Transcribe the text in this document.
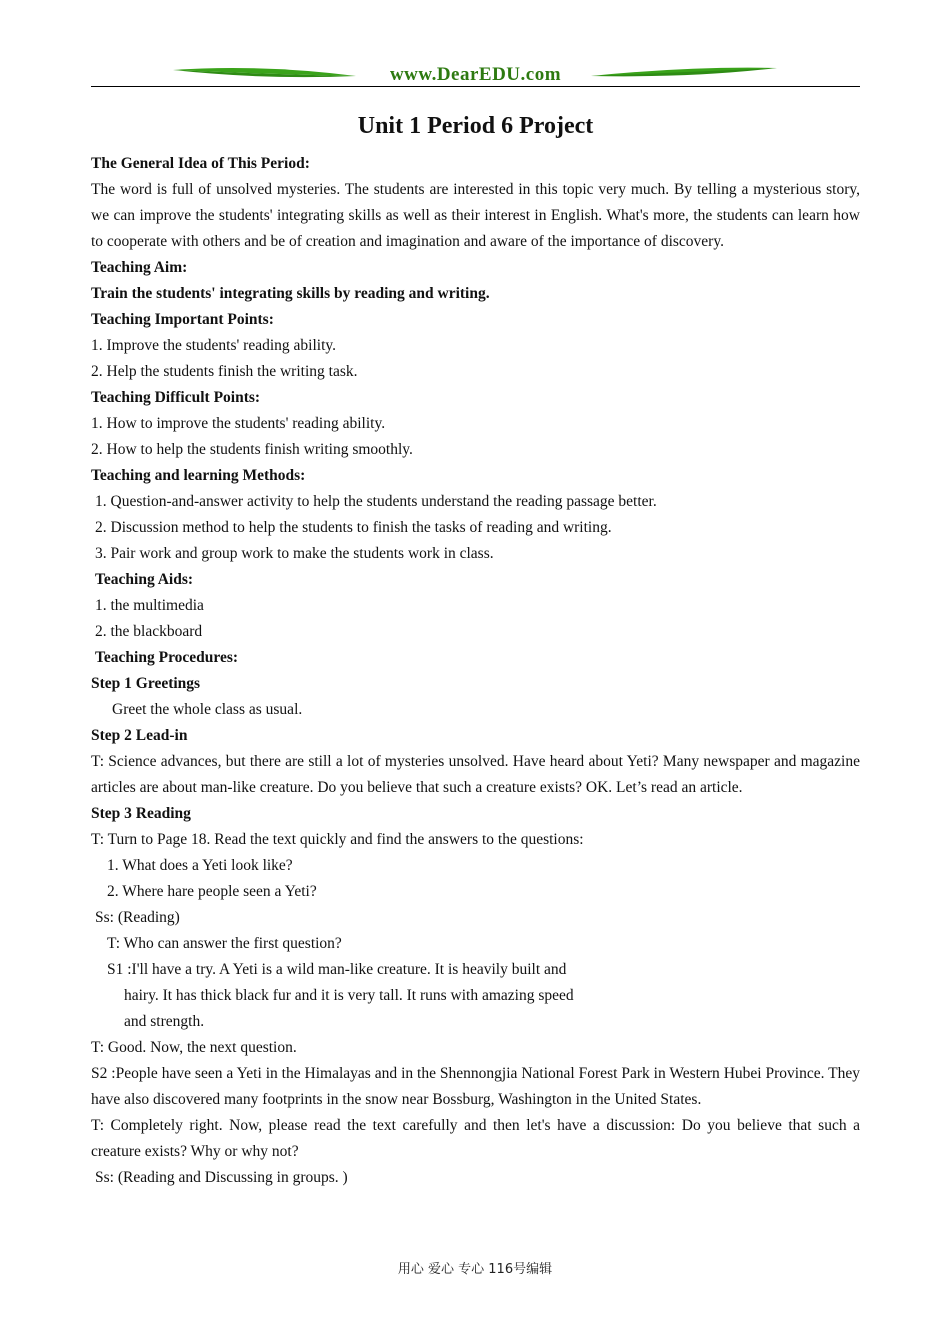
www.DearEDU.com
Unit 1 Period 6 Project

The General Idea of This Period:

The word is full of unsolved mysteries. The students are interested in this topic very much. By telling a mysterious story, we can improve the students' integrating skills as well as their interest in English. What's more, the students can learn how to cooperate with others and be of creation and imagination and aware of the importance of discovery.

Teaching Aim:

Train the students' integrating skills by reading and writing.

Teaching Important Points:

1. Improve the students' reading ability.

2. Help the students finish the writing task.

Teaching Difficult Points:

1. How to improve the students' reading ability.

2. How to help the students finish writing smoothly.

Teaching and learning Methods:

1. Question-and-answer activity to help the students understand the reading passage better.

2. Discussion method to help the students to finish the tasks of reading and writing.

3. Pair work and group work to make the students work in class.

Teaching Aids:

1. the multimedia

2. the blackboard

Teaching Procedures:

Step 1 Greetings

Greet the whole class as usual.

Step 2 Lead-in

T: Science advances, but there are still a lot of mysteries unsolved. Have heard about Yeti? Many newspaper and magazine articles are about man-like creature. Do you believe that such a creature exists? OK. Let’s read an article.

Step 3 Reading

T: Turn to Page 18. Read the text quickly and find the answers to the questions:

1. What does a Yeti look like?

2. Where hare people seen a Yeti?

Ss: (Reading)

T: Who can answer the first question?

S1 :I'll have a try. A Yeti is a wild man-like creature. It is heavily built and

hairy. It has thick black fur and it is very tall. It runs with amazing speed

and strength.

T: Good. Now, the next question.

S2 :People have seen a Yeti in the Himalayas and in the Shennongjia National Forest Park in Western Hubei Province. They have also discovered many footprints in the snow near Bossburg, Washington in the United States.

T: Completely right. Now, please read the text carefully and then let's have a discussion: Do you believe that such a creature exists? Why or why not?

Ss: (Reading and Discussing in groups. )

用心 爱心 专心 116号编辑
